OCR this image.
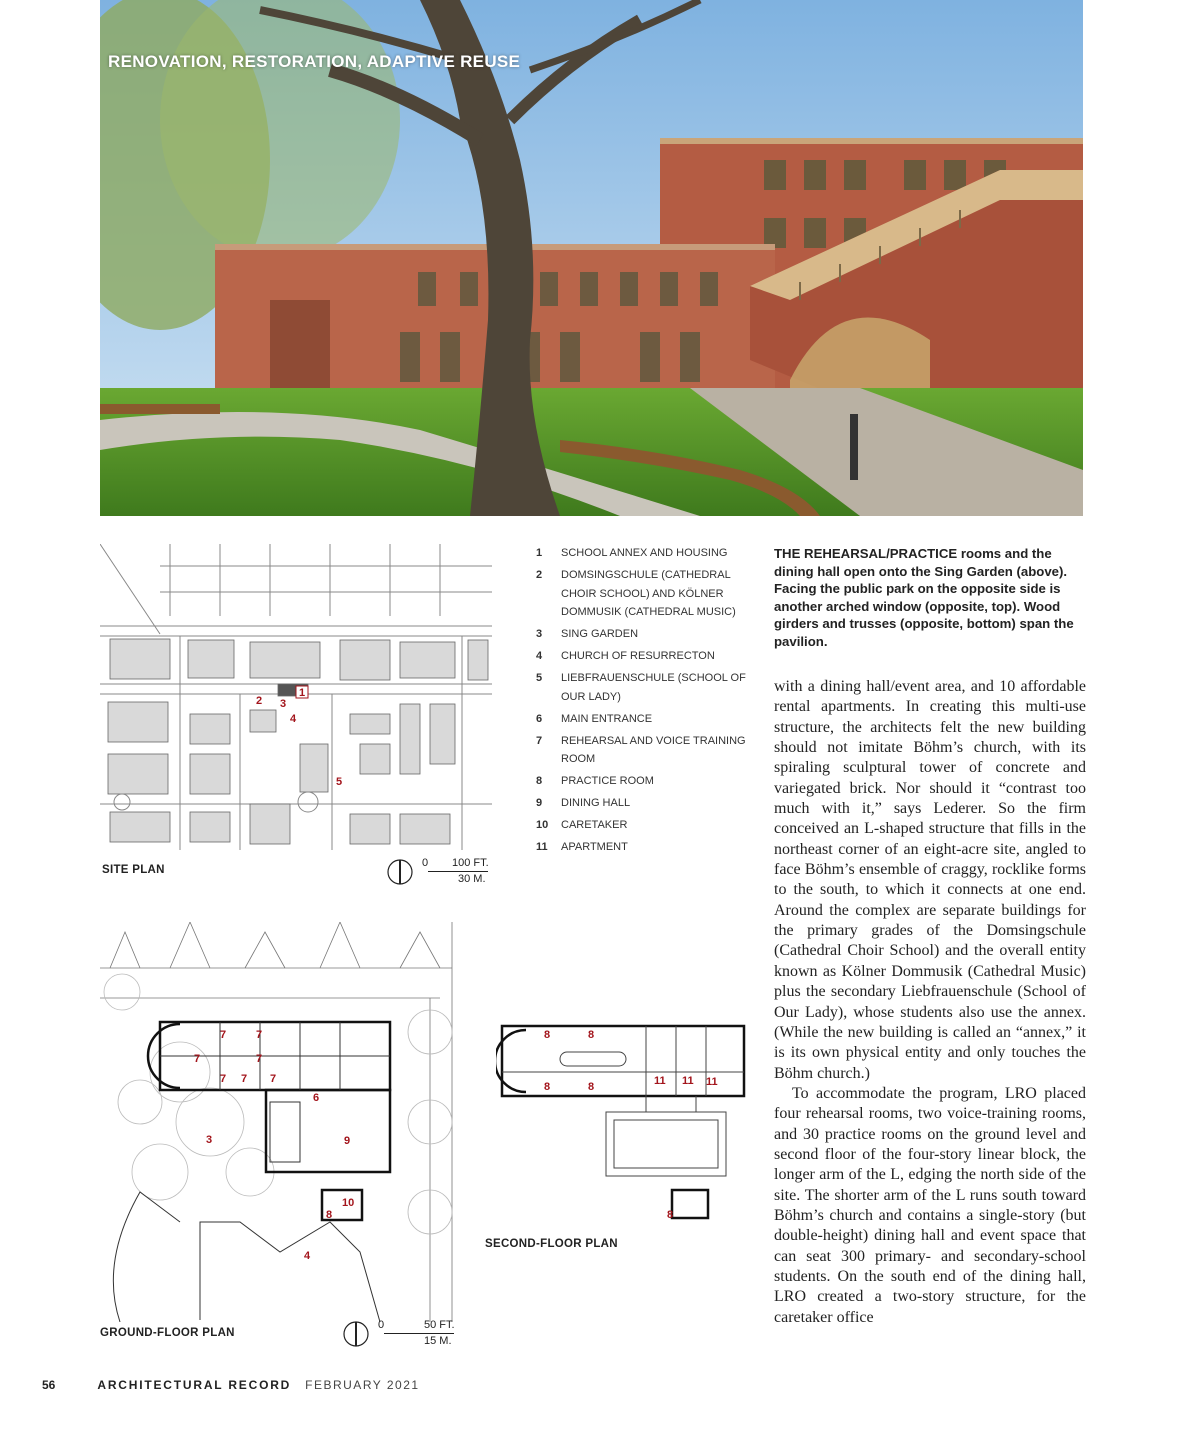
RENOVATION, RESTORATION, ADAPTIVE REUSE
1
2 3
4
5
SITE PLAN
0 100 FT.
30 M.
1	SCHOOL ANNEX AND HOUSING
2	DOMSINGSCHULE (CATHEDRAL CHOIR SCHOOL) AND KÖLNER DOMMUSIK (CATHEDRAL MUSIC)
3	SING GARDEN
4	CHURCH OF RESURRECTON
5	LIEBFRAUENSCHULE (SCHOOL OF OUR LADY)
6	MAIN ENTRANCE
7	REHEARSAL AND VOICE TRAINING ROOM
8	PRACTICE ROOM
9	DINING HALL
10	CARETAKER
11	APARTMENT
THE REHEARSAL/PRACTICE rooms and the dining hall open onto the Sing Garden (above). Facing the public park on the opposite side is another arched window (opposite, top). Wood girders and trusses (opposite, bottom) span the pavilion.

with a dining hall/event area, and 10 affordable rental apartments. In creating this multi-use structure, the architects felt the new building should not imitate Böhm’s church, with its spiraling sculptural tower of concrete and variegated brick. Nor should it “contrast too much with it,” says Lederer. So the firm conceived an L-shaped structure that fills in the northeast corner of an eight-acre site, angled to face Böhm’s ensemble of craggy, rocklike forms to the south, to which it connects at one end. Around the complex are separate buildings for the primary grades of the Domsingschule (Cathedral Choir School) and the overall entity known as Kölner Dommusik (Cathedral Music) plus the secondary Liebfrauenschule (School of Our Lady), whose students also use the annex. (While the new building is called an “annex,” it is its own physical entity and only touches the Böhm church.)

To accommodate the program, LRO placed four rehearsal rooms, two voice-training rooms, and 30 practice rooms on the ground level and second floor of the four-story linear block, the longer arm of the L, edging the north side of the site. The shorter arm of the L runs south toward Böhm’s church and contains a single-story (but double-height) dining hall and event space that can seat 300 primary- and secondary-school students. On the south end of the dining hall, LRO created a two-story structure, for the caretaker office

7	7
7
7 7 7
7
6
3	9
10
8
4
GROUND-FLOOR PLAN
0	50 FT.
15 M.
8	8
8	8	11 11 11
8
SECOND-FLOOR PLAN
56	ARCHITECTURAL RECORD FEBRUARY 2021
